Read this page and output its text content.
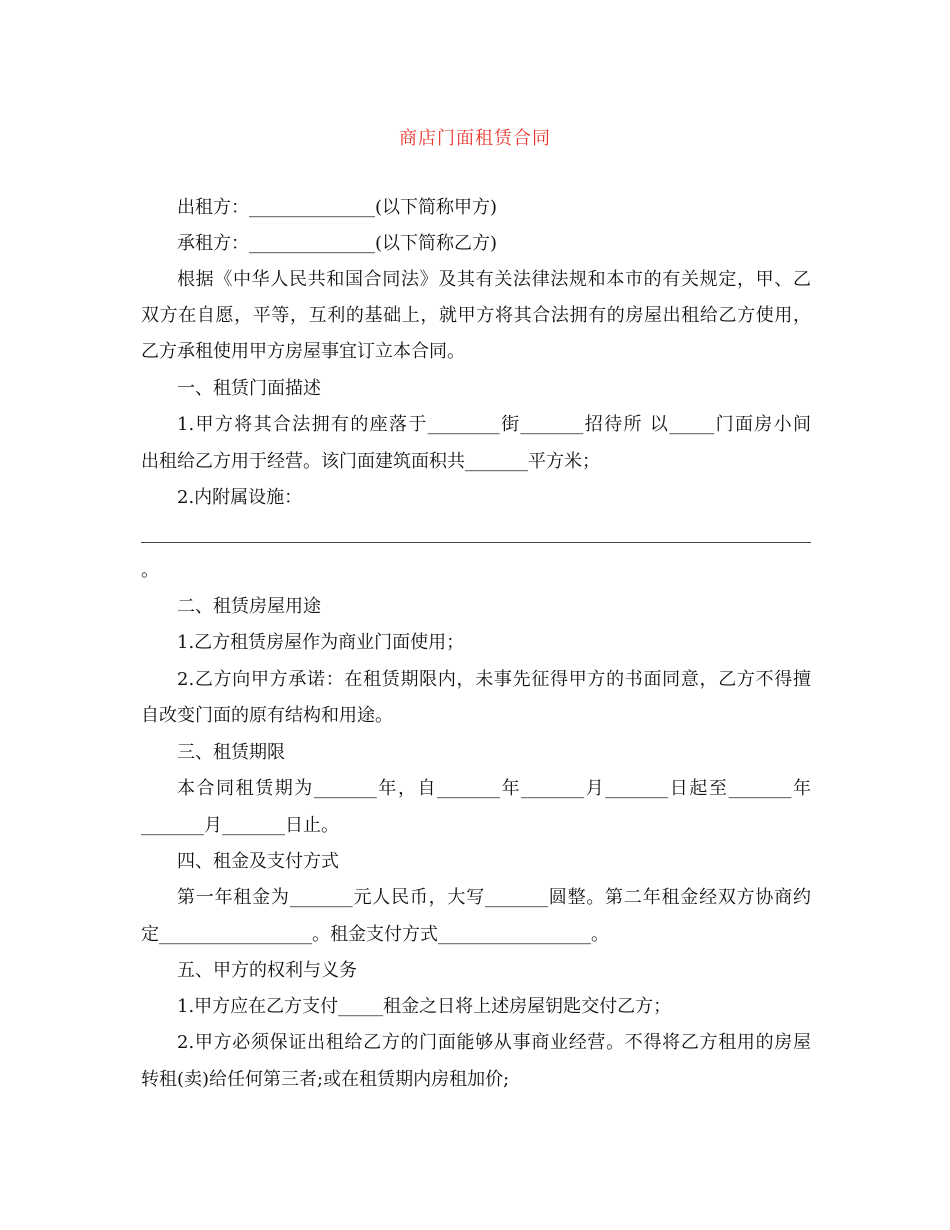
商店门面租赁合同
出租方：______________(以下简称甲方)
承租方：______________(以下简称乙方)
根据《中华人民共和国合同法》及其有关法律法规和本市的有关规定，甲、乙
双方在自愿，平等，互利的基础上，就甲方将其合法拥有的房屋出租给乙方使用，
乙方承租使用甲方房屋事宜订立本合同。
一、租赁门面描述
1.甲方将其合法拥有的座落于________街_______招待所 以_____门面房小间
出租给乙方用于经营。该门面建筑面积共_______平方米；
2.内附属设施：
。
二、租赁房屋用途
1.乙方租赁房屋作为商业门面使用；
2.乙方向甲方承诺：在租赁期限内，未事先征得甲方的书面同意，乙方不得擅
自改变门面的原有结构和用途。
三、租赁期限
本合同租赁期为_______年，自_______年_______月_______日起至_______年
_______月_______日止。
四、租金及支付方式
第一年租金为_______元人民币，大写_______圆整。第二年租金经双方协商约
定_________________。租金支付方式_________________。
五、甲方的权利与义务
1.甲方应在乙方支付_____租金之日将上述房屋钥匙交付乙方；
2.甲方必须保证出租给乙方的门面能够从事商业经营。不得将乙方租用的房屋
转租(卖)给任何第三者;或在租赁期内房租加价;
